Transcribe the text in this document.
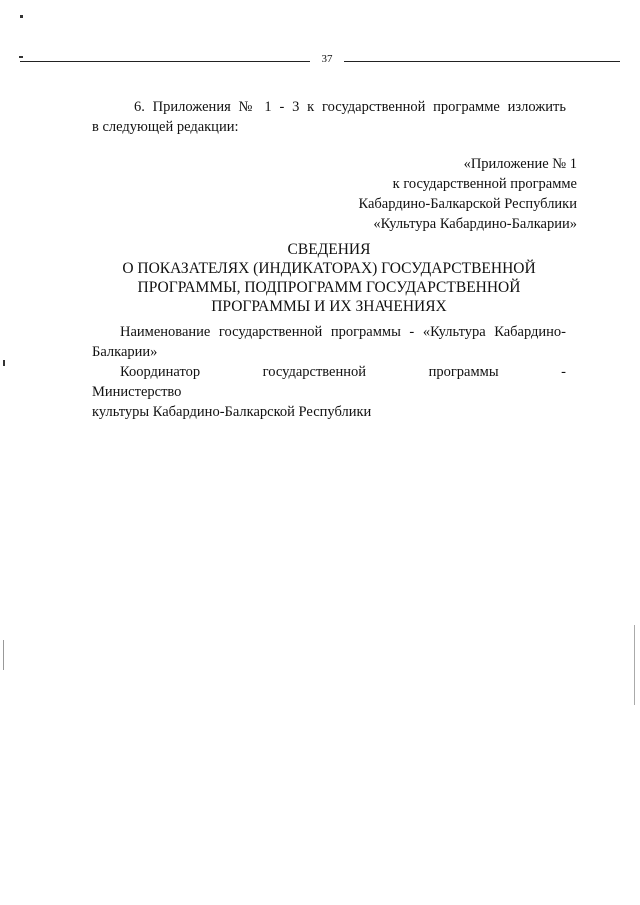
37
6. Приложения № 1 - 3 к государственной программе изложить
в следующей редакции:
«Приложение № 1
к государственной программе
Кабардино-Балкарской Республики
«Культура Кабардино-Балкарии»
СВЕДЕНИЯ
О ПОКАЗАТЕЛЯХ (ИНДИКАТОРАХ) ГОСУДАРСТВЕННОЙ
ПРОГРАММЫ, ПОДПРОГРАММ ГОСУДАРСТВЕННОЙ
ПРОГРАММЫ И ИХ ЗНАЧЕНИЯХ
Наименование государственной программы - «Культура Кабардино-
Балкарии»
Координатор государственной программы - Министерство
культуры Кабардино-Балкарской Республики
